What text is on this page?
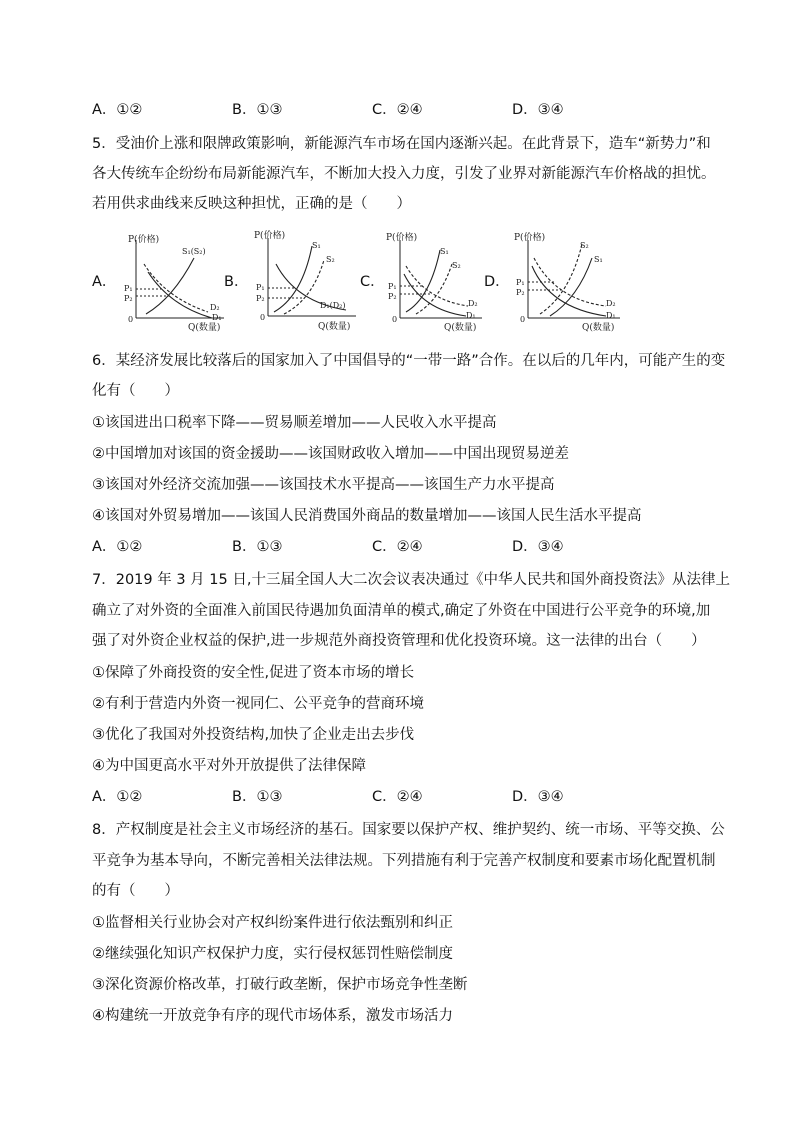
A．①②	B．①③	C．②④	D．③④
5．受油价上涨和限牌政策影响，新能源汽车市场在国内逐渐兴起。在此背景下，造车“新势力”和
各大传统车企纷纷布局新能源汽车，不断加大投入力度，引发了业界对新能源汽车价格战的担忧。
若用供求曲线来反映这种担忧，正确的是（　　）
A．
P(价格)
Q(数量)
0
P₁
P₂
S₁(S₂)
D₂
D₁
B．
P(价格)
Q(数量)
0
P₁
P₂
S₁
S₂
D₁(D₂)
C．
P(价格)
Q(数量)
0
P₁
P₂
S₁
S₂
D₂
D₁
D．
P(价格)
Q(数量)
0
P₁
P₂
S₂
S₁
D₂
D₁
6．某经济发展比较落后的国家加入了中国倡导的“一带一路”合作。在以后的几年内，可能产生的变
化有（　　）
①该国进出口税率下降——贸易顺差增加——人民收入水平提高
②中国增加对该国的资金援助——该国财政收入增加——中国出现贸易逆差
③该国对外经济交流加强——该国技术水平提高——该国生产力水平提高
④该国对外贸易增加——该国人民消费国外商品的数量增加——该国人民生活水平提高
A．①②	B．①③	C．②④	D．③④
7．2019 年 3 月 15 日,十三届全国人大二次会议表决通过《中华人民共和国外商投资法》从法律上
确立了对外资的全面准入前国民待遇加负面清单的模式,确定了外资在中国进行公平竞争的环境,加
强了对外资企业权益的保护,进一步规范外商投资管理和优化投资环境。这一法律的出台（　　）
①保障了外商投资的安全性,促进了资本市场的增长
②有利于营造内外资一视同仁、公平竞争的营商环境
③优化了我国对外投资结构,加快了企业走出去步伐
④为中国更高水平对外开放提供了法律保障
A．①②	B．①③	C．②④	D．③④
8．产权制度是社会主义市场经济的基石。国家要以保护产权、维护契约、统一市场、平等交换、公
平竞争为基本导向，不断完善相关法律法规。下列措施有利于完善产权制度和要素市场化配置机制
的有（　　）
①监督相关行业协会对产权纠纷案件进行依法甄别和纠正
②继续强化知识产权保护力度，实行侵权惩罚性赔偿制度
③深化资源价格改革，打破行政垄断，保护市场竞争性垄断
④构建统一开放竞争有序的现代市场体系，激发市场活力
